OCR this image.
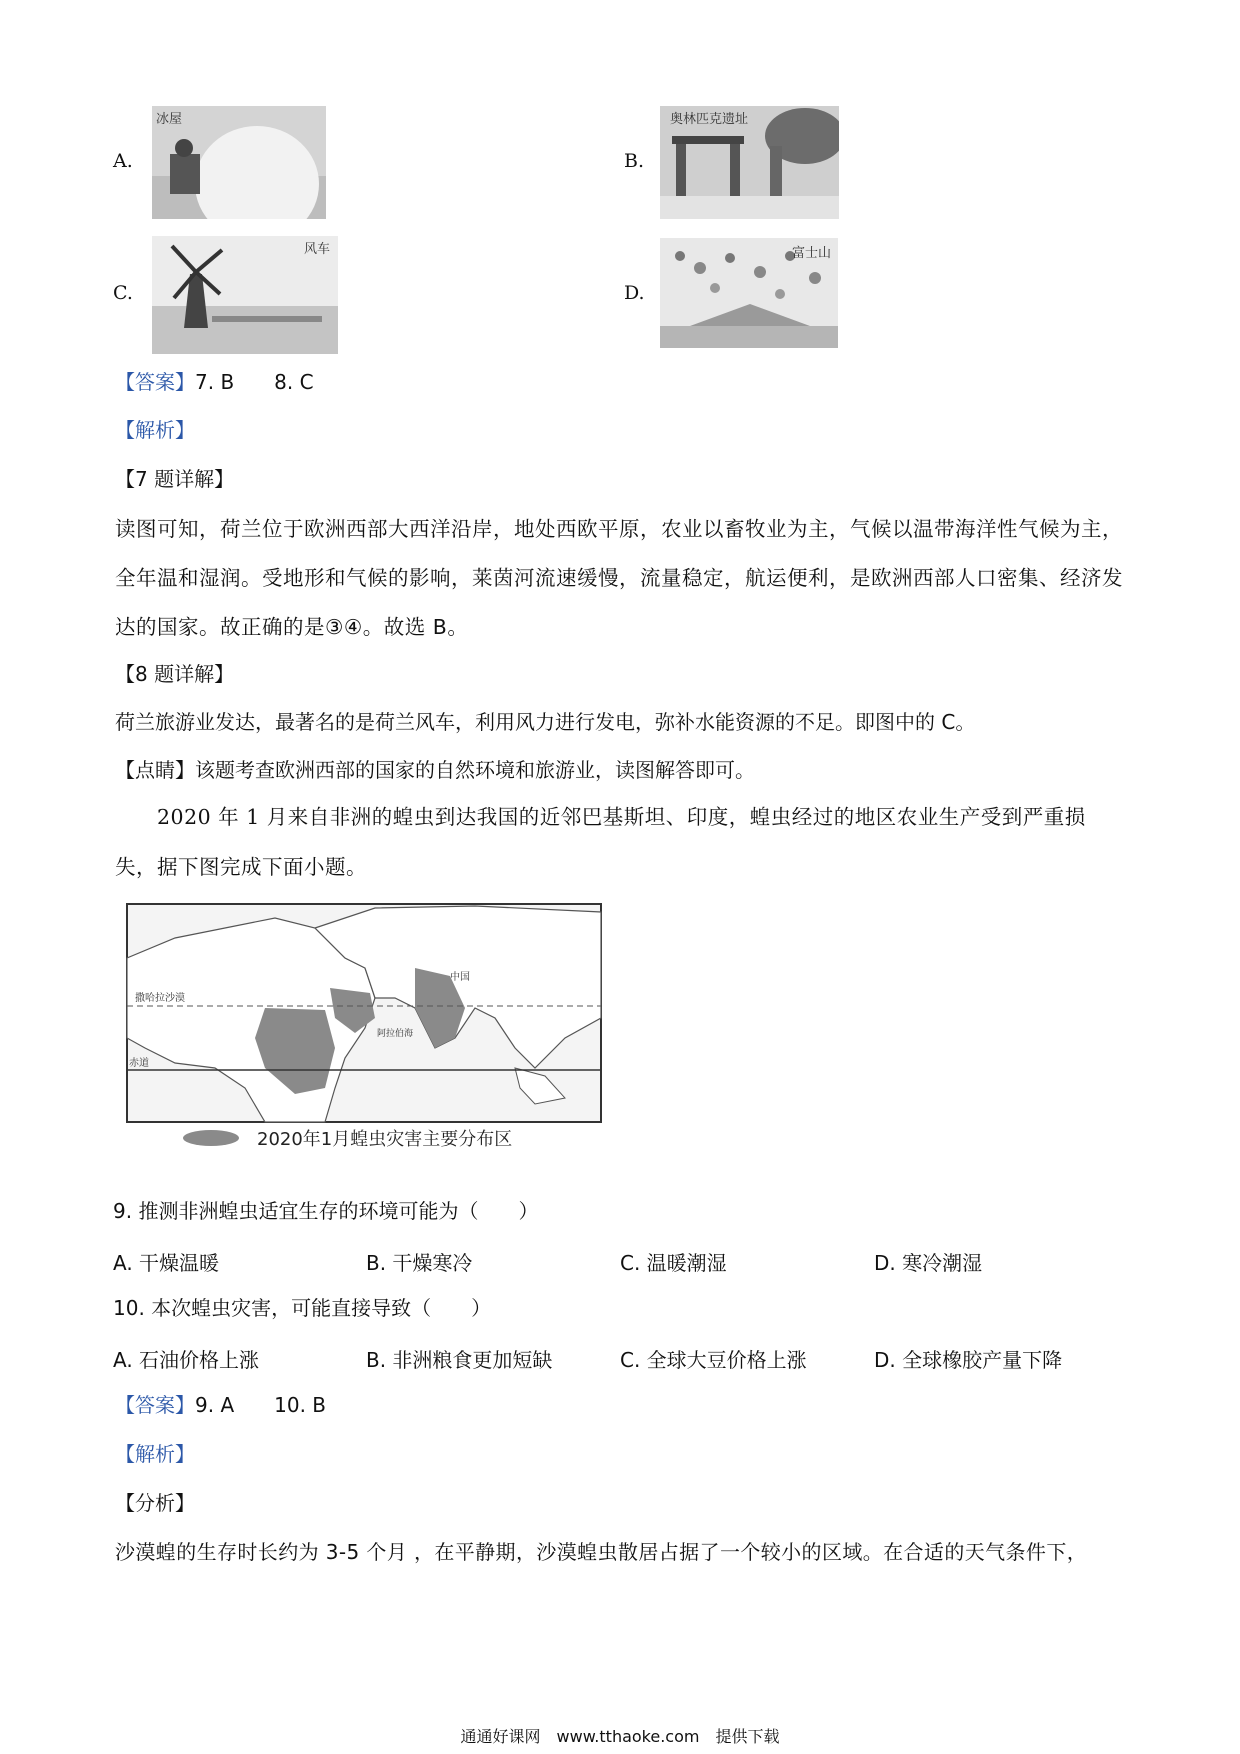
A.
冰屋
B.
奥林匹克遗址
C.
风车
D.
富士山
【答案】7. B　　8. C
【解析】
【7 题详解】
读图可知，荷兰位于欧洲西部大西洋沿岸，地处西欧平原，农业以畜牧业为主，气候以温带海洋性气候为主，全年温和湿润。受地形和气候的影响，莱茵河流速缓慢，流量稳定，航运便利，是欧洲西部人口密集、经济发达的国家。故正确的是③④。故选 B。
【8 题详解】
荷兰旅游业发达，最著名的是荷兰风车，利用风力进行发电，弥补水能资源的不足。即图中的 C。
【点睛】该题考查欧洲西部的国家的自然环境和旅游业，读图解答即可。
2020 年 1 月来自非洲的蝗虫到达我国的近邻巴基斯坦、印度，蝗虫经过的地区农业生产受到严重损失，据下图完成下面小题。
中国
撒哈拉沙漠
阿拉伯海
赤道
2020年1月蝗虫灾害主要分布区
9. 推测非洲蝗虫适宜生存的环境可能为（　　）
A. 干燥温暖	B. 干燥寒冷	C. 温暖潮湿	D. 寒冷潮湿
10. 本次蝗虫灾害，可能直接导致（　　）
A. 石油价格上涨	B. 非洲粮食更加短缺	C. 全球大豆价格上涨	D. 全球橡胶产量下降
【答案】9. A　　10. B
【解析】
【分析】
沙漠蝗的生存时长约为 3-5 个月 ，在平静期，沙漠蝗虫散居占据了一个较小的区域。在合适的天气条件下，
通通好课网　www.tthaoke.com　提供下载
